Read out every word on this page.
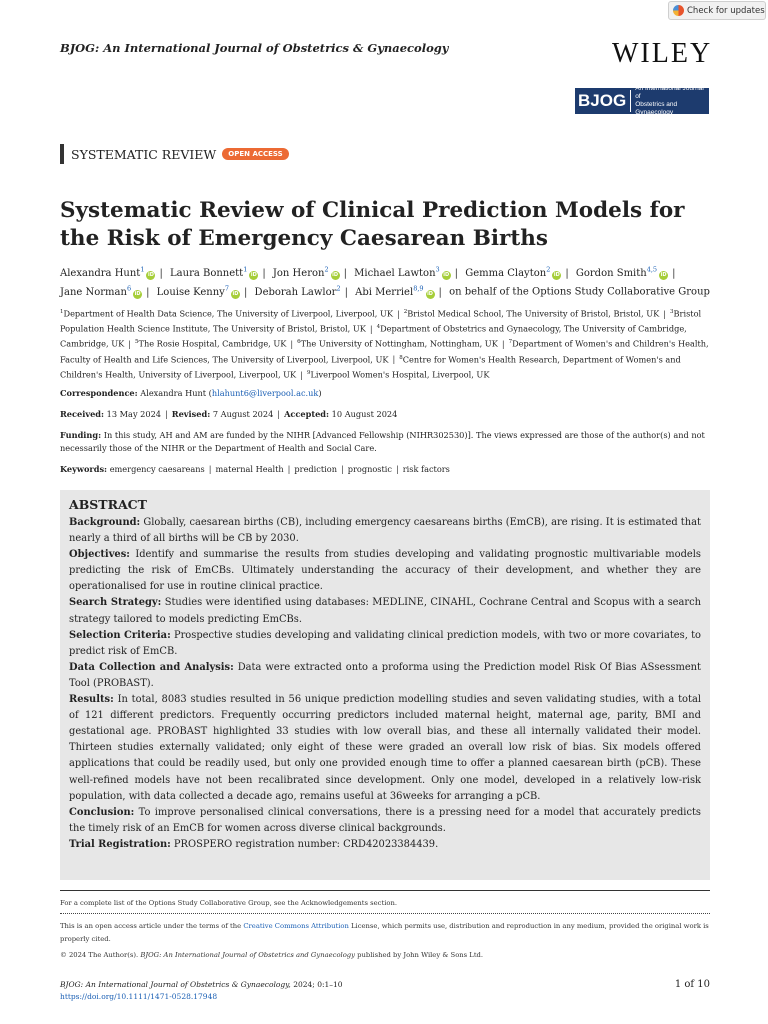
Check for updates
BJOG: An International Journal of Obstetrics & Gynaecology	WILEY
BJOG
An International Journal of
Obstetrics and Gynaecology
SYSTEMATIC REVIEW	OPEN ACCESS
Systematic Review of Clinical Prediction Models for the Risk of Emergency Caesarean Births
Alexandra Hunt$^1$iD | Laura Bonnett$^1$iD | Jon Heron$^2$iD | Michael Lawton$^3$iD | Gemma Clayton$^2$iD | Gordon Smith$^{4,5}$iD | Jane Norman$^6$iD | Louise Kenny$^7$iD | Deborah Lawlor$^2$ | Abi Merriel$^{8,9}$iD | on behalf of the Options Study Collaborative Group
$^1$Department of Health Data Science, The University of Liverpool, Liverpool, UK | $^2$Bristol Medical School, The University of Bristol, Bristol, UK | $^3$Bristol Population Health Science Institute, The University of Bristol, Bristol, UK | $^4$Department of Obstetrics and Gynaecology, The University of Cambridge, Cambridge, UK | $^5$The Rosie Hospital, Cambridge, UK | $^6$The University of Nottingham, Nottingham, UK | $^7$Department of Women's and Children's Health, Faculty of Health and Life Sciences, The University of Liverpool, Liverpool, UK | $^8$Centre for Women's Health Research, Department of Women's and Children's Health, University of Liverpool, Liverpool, UK | $^9$Liverpool Women's Hospital, Liverpool, UK
Correspondence: Alexandra Hunt (hlahunt6@liverpool.ac.uk)
Received: 13 May 2024 | Revised: 7 August 2024 | Accepted: 10 August 2024
Funding: In this study, AH and AM are funded by the NIHR [Advanced Fellowship (NIHR302530)]. The views expressed are those of the author(s) and not necessarily those of the NIHR or the Department of Health and Social Care.
Keywords: emergency caesareans | maternal Health | prediction | prognostic | risk factors
ABSTRACT

Background: Globally, caesarean births (CB), including emergency caesareans births (EmCB), are rising. It is estimated that nearly a third of all births will be CB by 2030.

Objectives: Identify and summarise the results from studies developing and validating prognostic multivariable models predicting the risk of EmCBs. Ultimately understanding the accuracy of their development, and whether they are operationalised for use in routine clinical practice.

Search Strategy: Studies were identified using databases: MEDLINE, CINAHL, Cochrane Central and Scopus with a search strategy tailored to models predicting EmCBs.

Selection Criteria: Prospective studies developing and validating clinical prediction models, with two or more covariates, to predict risk of EmCB.

Data Collection and Analysis: Data were extracted onto a proforma using the Prediction model Risk Of Bias ASsessment Tool (PROBAST).

Results: In total, 8083 studies resulted in 56 unique prediction modelling studies and seven validating studies, with a total of 121 different predictors. Frequently occurring predictors included maternal height, maternal age, parity, BMI and gestational age. PROBAST highlighted 33 studies with low overall bias, and these all internally validated their model. Thirteen studies externally validated; only eight of these were graded an overall low risk of bias. Six models offered applications that could be readily used, but only one provided enough time to offer a planned caesarean birth (pCB). These well-refined models have not been recalibrated since development. Only one model, developed in a relatively low-risk population, with data collected a decade ago, remains useful at 36weeks for arranging a pCB.

Conclusion: To improve personalised clinical conversations, there is a pressing need for a model that accurately predicts the timely risk of an EmCB for women across diverse clinical backgrounds.

Trial Registration: PROSPERO registration number: CRD42023384439.

For a complete list of the Options Study Collaborative Group, see the Acknowledgements section.
This is an open access article under the terms of the Creative Commons Attribution License, which permits use, distribution and reproduction in any medium, provided the original work is properly cited.
© 2024 The Author(s). BJOG: An International Journal of Obstetrics and Gynaecology published by John Wiley & Sons Ltd.
BJOG: An International Journal of Obstetrics & Gynaecology, 2024; 0:1–10
https://doi.org/10.1111/1471-0528.17948
1 of 10
